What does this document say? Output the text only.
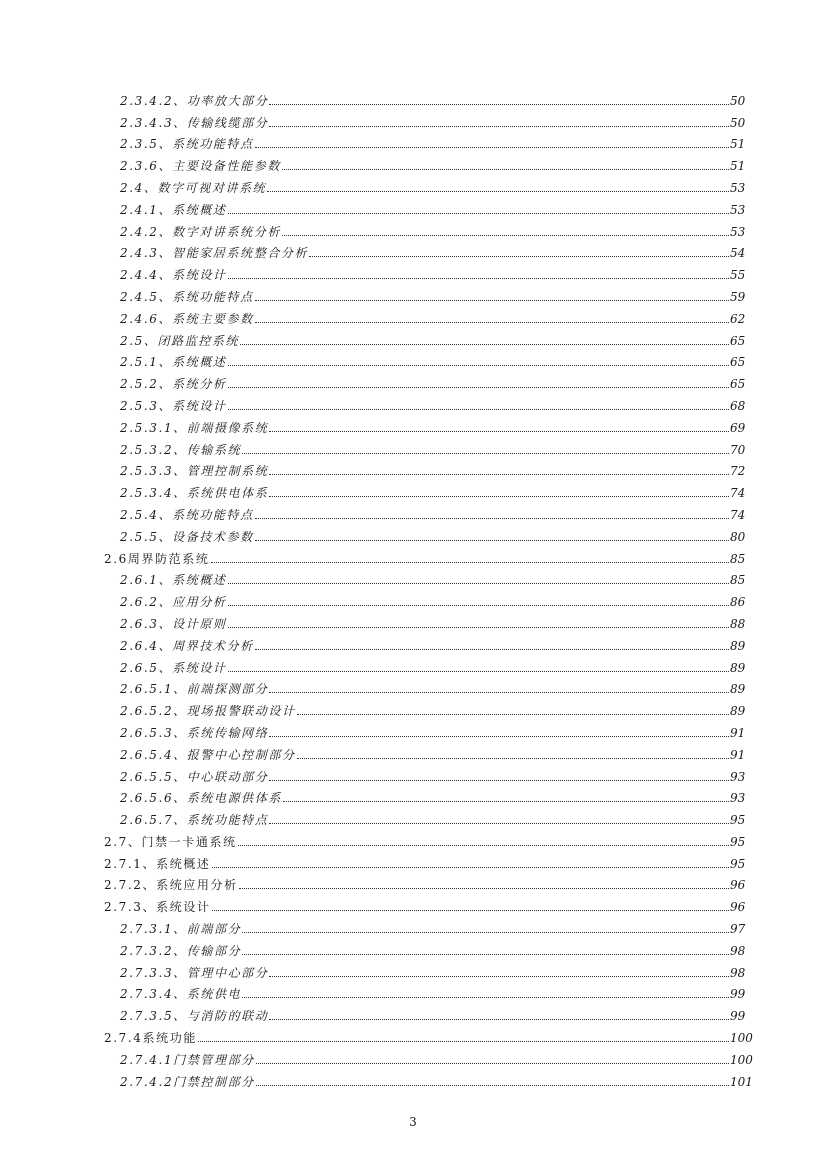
2.3.4.2、功率放大部分	50
2.3.4.3、传输线缆部分	50
2.3.5、系统功能特点	51
2.3.6、主要设备性能参数	51
2.4、数字可视对讲系统	53
2.4.1、系统概述	53
2.4.2、数字对讲系统分析	53
2.4.3、智能家居系统整合分析	54
2.4.4、系统设计	55
2.4.5、系统功能特点	59
2.4.6、系统主要参数	62
2.5、闭路监控系统	65
2.5.1、系统概述	65
2.5.2、系统分析	65
2.5.3、系统设计	68
2.5.3.1、前端摄像系统	69
2.5.3.2、传输系统	70
2.5.3.3、管理控制系统	72
2.5.3.4、系统供电体系	74
2.5.4、系统功能特点	74
2.5.5、设备技术参数	80
2.6周界防范系统	85
2.6.1、系统概述	85
2.6.2、应用分析	86
2.6.3、设计原则	88
2.6.4、周界技术分析	89
2.6.5、系统设计	89
2.6.5.1、前端探测部分	89
2.6.5.2、现场报警联动设计	89
2.6.5.3、系统传输网络	91
2.6.5.4、报警中心控制部分	91
2.6.5.5、中心联动部分	93
2.6.5.6、系统电源供体系	93
2.6.5.7、系统功能特点	95
2.7、门禁一卡通系统	95
2.7.1、系统概述	95
2.7.2、系统应用分析	96
2.7.3、系统设计	96
2.7.3.1、前端部分	97
2.7.3.2、传输部分	98
2.7.3.3、管理中心部分	98
2.7.3.4、系统供电	99
2.7.3.5、与消防的联动	99
2.7.4系统功能	100
2.7.4.1门禁管理部分	100
2.7.4.2门禁控制部分	101
3
